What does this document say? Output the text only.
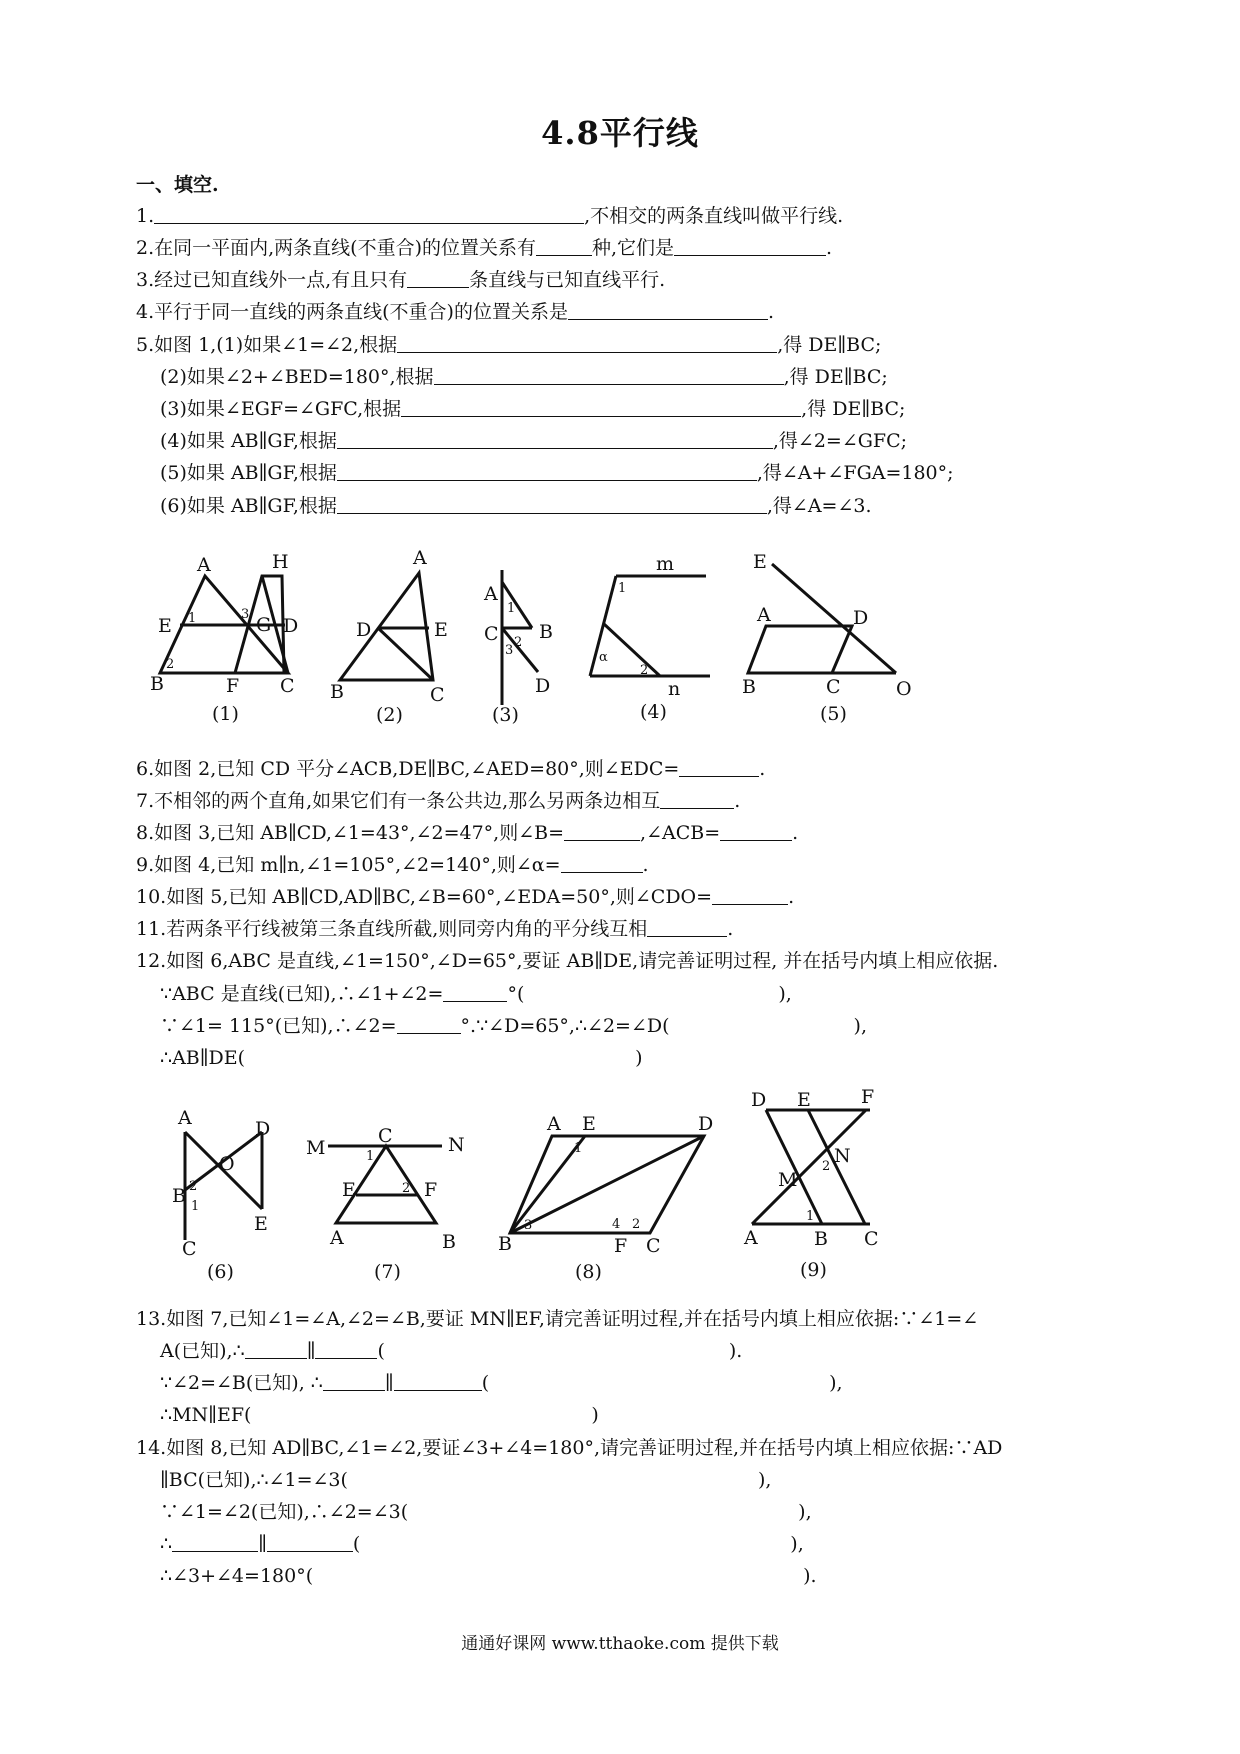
4.8平行线
一、填空.
1.	,不相交的两条直线叫做平行线.
2.在同一平面内,两条直线(不重合)的位置关系有	种,它们是	.
3.经过已知直线外一点,有且只有	条直线与已知直线平行.
4.平行于同一直线的两条直线(不重合)的位置关系是	.
5.如图 1,(1)如果∠1=∠2,根据	,得 DE∥BC;
(2)如果∠2+∠BED=180°,根据	,得 DE∥BC;
(3)如果∠EGF=∠GFC,根据	,得 DE∥BC;
(4)如果 AB∥GF,根据	,得∠2=∠GFC;
(5)如果 AB∥GF,根据	,得∠A+∠FGA=180°;
(6)如果 AB∥GF,根据	,得∠A=∠3.
A	H
E	G D
B	F C
1
2
3
(1)
A
D	E
B	C
(2)
A
B
C
D
1
2
3
(3)
m
n
1
2
α
(4)
E
A	D
B	C	O
(5)
6.如图 2,已知 CD 平分∠ACB,DE∥BC,∠AED=80°,则∠EDC=	.
7.不相邻的两个直角,如果它们有一条公共边,那么另两条边相互	.
8.如图 3,已知 AB∥CD,∠1=43°,∠2=47°,则∠B=	,∠ACB=	.
9.如图 4,已知 m∥n,∠1=105°,∠2=140°,则∠α=	.
10.如图 5,已知 AB∥CD,AD∥BC,∠B=60°,∠EDA=50°,则∠CDO=	.
11.若两条平行线被第三条直线所截,则同旁内角的平分线互相	.
12.如图 6,ABC 是直线,∠1=150°,∠D=65°,要证 AB∥DE,请完善证明过程, 并在括号内填上相应依据.
∵ABC 是直线(已知),∴∠1+∠2=	°(	),
∵∠1= 115°(已知),∴∠2=	°.∵∠D=65°,∴∠2=∠D(	),
∴AB∥DE(	)
A	D
O
B
C
E
2
1
(6)
M
C	N
E	F
A	B
1
2
(7)
A E	D
B	F C
1
2
3	4
(8)
D E	F
M
N
A	B C
1
2
(9)
13.如图 7,已知∠1=∠A,∠2=∠B,要证 MN∥EF,请完善证明过程,并在括号内填上相应依据:∵∠1=∠
A(已知),∴	∥	(	).
∵∠2=∠B(已知), ∴	∥	(	),
∴MN∥EF(	)
14.如图 8,已知 AD∥BC,∠1=∠2,要证∠3+∠4=180°,请完善证明过程,并在括号内填上相应依据:∵AD
∥BC(已知),∴∠1=∠3(	),
∵∠1=∠2(已知),∴∠2=∠3(	),
∴	∥	(	),
∴∠3+∠4=180°(	).
通通好课网 www.tthaoke.com 提供下载
